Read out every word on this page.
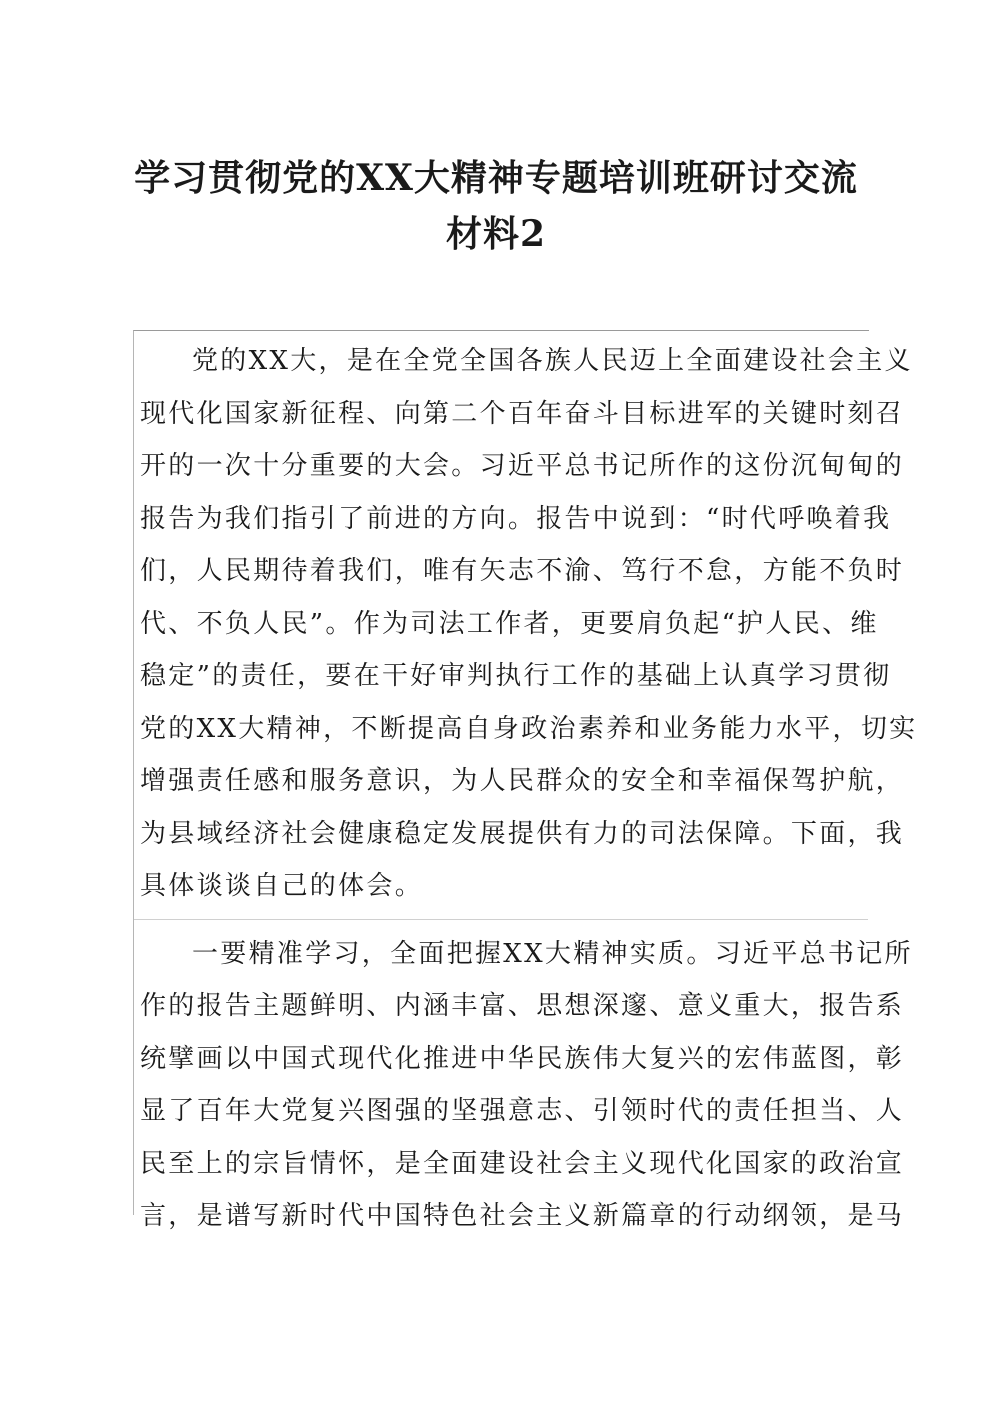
学习贯彻党的XX大精神专题培训班研讨交流
材料2
党的XX大，是在全党全国各族人民迈上全面建设社会主义
现代化国家新征程、向第二个百年奋斗目标进军的关键时刻召
开的一次十分重要的大会。习近平总书记所作的这份沉甸甸的
报告为我们指引了前进的方向。报告中说到：“时代呼唤着我
们，人民期待着我们，唯有矢志不渝、笃行不怠，方能不负时
代、不负人民”。作为司法工作者，更要肩负起“护人民、维
稳定”的责任，要在干好审判执行工作的基础上认真学习贯彻
党的XX大精神，不断提高自身政治素养和业务能力水平，切实
增强责任感和服务意识，为人民群众的安全和幸福保驾护航，
为县域经济社会健康稳定发展提供有力的司法保障。下面，我
具体谈谈自己的体会。
一要精准学习，全面把握XX大精神实质。习近平总书记所
作的报告主题鲜明、内涵丰富、思想深邃、意义重大，报告系
统擘画以中国式现代化推进中华民族伟大复兴的宏伟蓝图，彰
显了百年大党复兴图强的坚强意志、引领时代的责任担当、人
民至上的宗旨情怀，是全面建设社会主义现代化国家的政治宣
言，是谱写新时代中国特色社会主义新篇章的行动纲领，是马
